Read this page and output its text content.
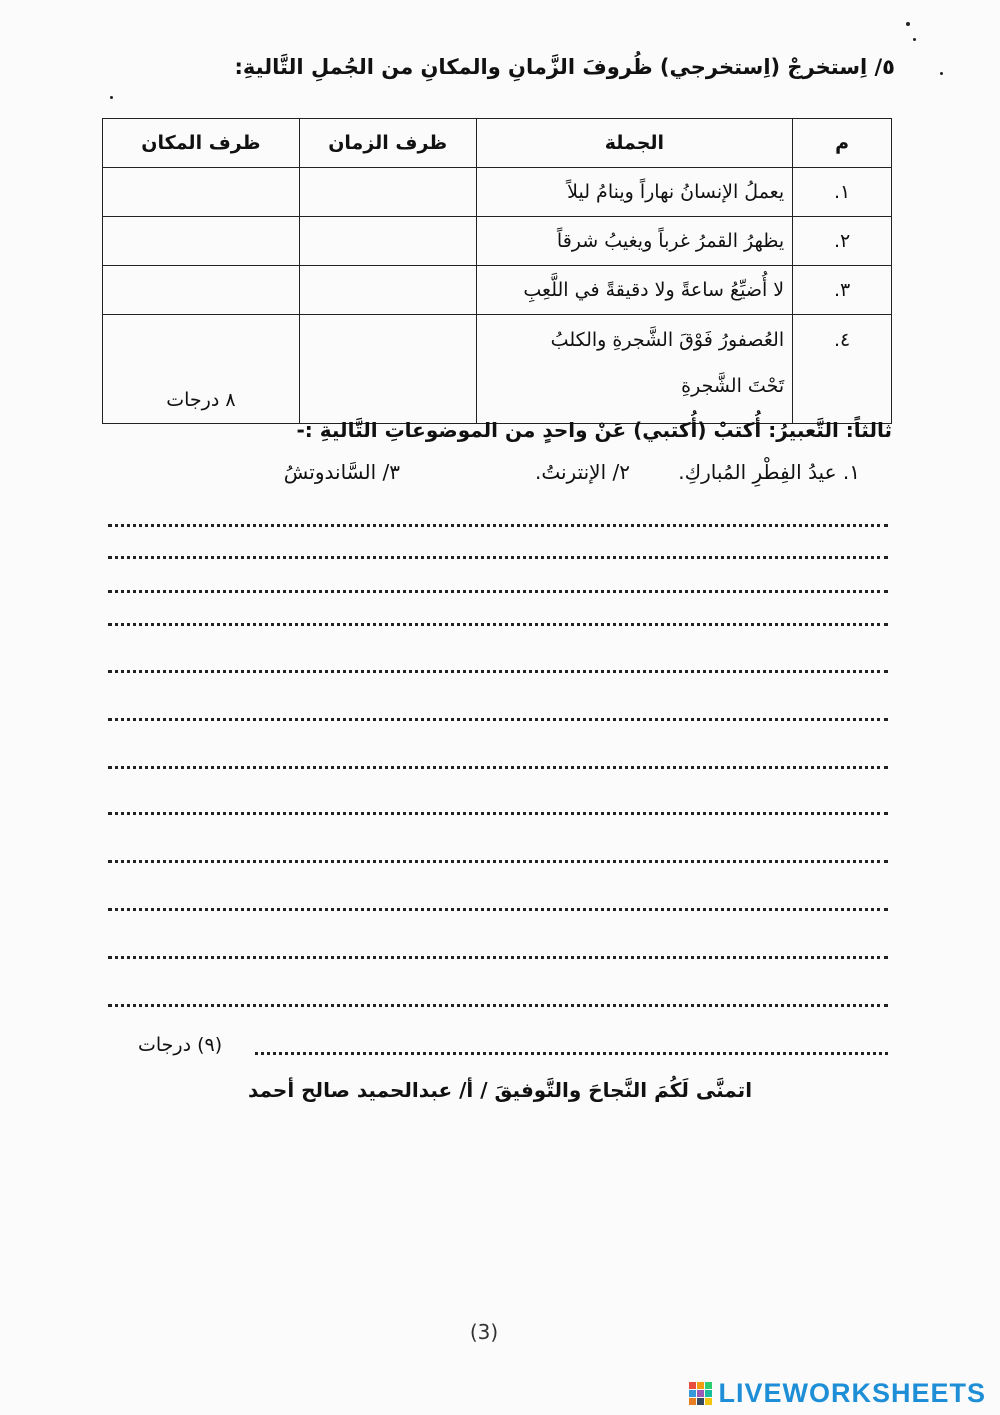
٥/ اِستخرجْ (اِستخرجي) ظُروفَ الزَّمانِ والمكانِ من الجُملِ التَّاليةِ:
م	الجملة	ظرف الزمان	ظرف المكان
١.	يعملُ الإنسانُ نهاراً وينامُ ليلاً		
٢.	يظهرُ القمرُ غرباً ويغيبُ شرقاً		
٣.	لا أُضيِّعُ ساعةً ولا دقيقةً في اللَّعِبِ		
٤.	العُصفورُ فَوْقَ الشَّجرةِ والكلبُ
تَحْتَ الشَّجرةِ		٨ درجات
ثالثاً: التَّعبيرُ: أُكتبْ (أُكتبي) عَنْ واحدٍ من الموضوعاتِ التَّاليةِ :-
١. عيدُ الفِطْرِ المُباركِ.
٢/ الإنترنتُ.
٣/ السَّاندوتشُ
(٩) درجات
اتمنَّى لَكُمَ النَّجاحَ والتَّوفيقَ / أ/ عبدالحميد صالح أحمد
(3)
LIVEWORKSHEETS
